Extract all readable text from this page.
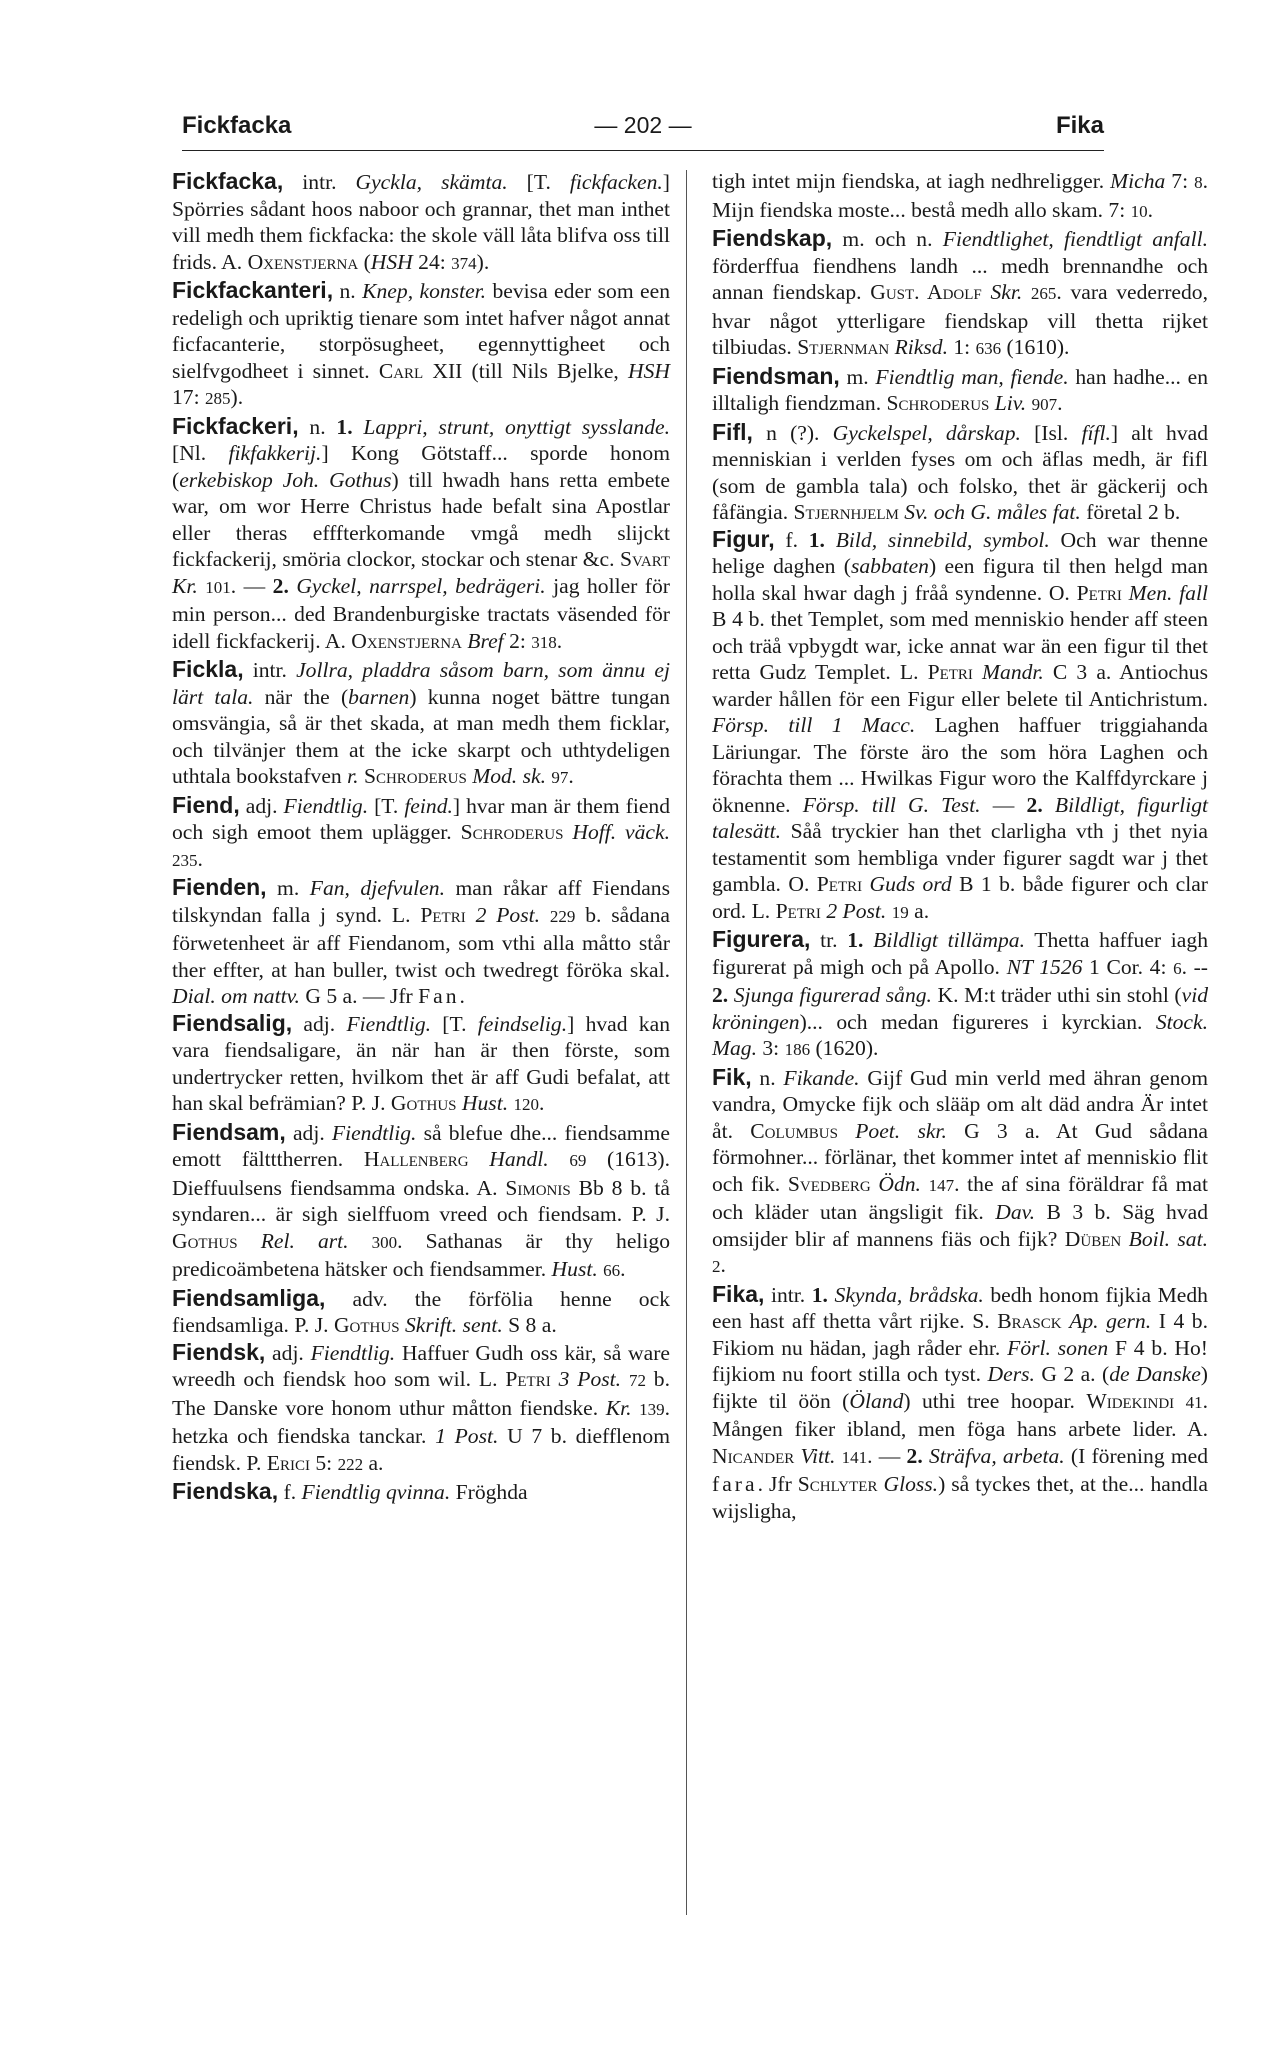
Fickfacka	— 202 —	Fika

Fickfacka, intr. Gyckla, skämta. [T. fickfacken.] Spörries sådant hoos naboor och grannar, thet man inthet vill medh them fickfacka: the skole väll låta blifva oss till frids. A. Oxenstjerna (HSH 24: 374).

Fickfackanteri, n. Knep, konster. bevisa eder som een redeligh och upriktig tienare som intet hafver något annat ficfacanterie, storpösugheet, egennyttigheet och sielfvgodheet i sinnet. Carl XII (till Nils Bjelke, HSH 17: 285).

Fickfackeri, n. 1. Lappri, strunt, onyttigt sysslande. [Nl. fikfakkerij.] Kong Götstaff... sporde honom (erkebiskop Joh. Gothus) till hwadh hans retta embete war, om wor Herre Christus hade befalt sina Apostlar eller theras efffterkomande vmgå medh slijckt fickfackerij, smöria clockor, stockar och stenar &c. Svart Kr. 101. — 2. Gyckel, narrspel, bedrägeri. jag holler för min person... ded Brandenburgiske tractats väsended för idell fickfackerij. A. Oxenstjerna Bref 2: 318.

Fickla, intr. Jollra, pladdra såsom barn, som ännu ej lärt tala. när the (barnen) kunna noget bättre tungan omsvängia, så är thet skada, at man medh them ficklar, och tilvänjer them at the icke skarpt och uthtydeligen uthtala bookstafven r. Schroderus Mod. sk. 97.

Fiend, adj. Fiendtlig. [T. feind.] hvar man är them fiend och sigh emoot them uplägger. Schroderus Hoff. väck. 235.

Fienden, m. Fan, djefvulen. man råkar aff Fiendans tilskyndan falla j synd. L. Petri 2 Post. 229 b. sådana förwetenheet är aff Fiendanom, som vthi alla måtto står ther effter, at han buller, twist och twedregt föröka skal. Dial. om nattv. G 5 a. — Jfr Fan.

Fiendsalig, adj. Fiendtlig. [T. feindselig.] hvad kan vara fiendsaligare, än när han är then förste, som undertrycker retten, hvilkom thet är aff Gudi befalat, att han skal befrämian? P. J. Gothus Hust. 120.

Fiendsam, adj. Fiendtlig. så blefue dhe... fiendsamme emott fältttherren. Hallenberg Handl. 69 (1613). Dieffuulsens fiendsamma ondska. A. Simonis Bb 8 b. tå syndaren... är sigh sielffuom vreed och fiendsam. P. J. Gothus Rel. art. 300. Sathanas är thy heligo predicoämbetena hätsker och fiendsammer. Hust. 66.

Fiendsamliga, adv. the förfölia henne ock fiendsamliga. P. J. Gothus Skrift. sent. S 8 a.

Fiendsk, adj. Fiendtlig. Haffuer Gudh oss kär, så ware wreedh och fiendsk hoo som wil. L. Petri 3 Post. 72 b. The Danske vore honom uthur måtton fiendske. Kr. 139. hetzka och fiendska tanckar. 1 Post. U 7 b. diefflenom fiendsk. P. Erici 5: 222 a.

Fiendska, f. Fiendtlig qvinna. Fröghda

tigh intet mijn fiendska, at iagh nedhreligger. Micha 7: 8. Mijn fiendska moste... bestå medh allo skam. 7: 10.

Fiendskap, m. och n. Fiendtlighet, fiendtligt anfall. förderffua fiendhens landh ... medh brennandhe och annan fiendskap. Gust. Adolf Skr. 265. vara vederredo, hvar något ytterligare fiendskap vill thetta rijket tilbiudas. Stjernman Riksd. 1: 636 (1610).

Fiendsman, m. Fiendtlig man, fiende. han hadhe... en illtaligh fiendzman. Schroderus Liv. 907.

Fifl, n (?). Gyckelspel, dårskap. [Isl. fífl.] alt hvad menniskian i verlden fyses om och äflas medh, är fifl (som de gambla tala) och folsko, thet är gäckerij och fåfängia. Stjernhjelm Sv. och G. måles fat. företal 2 b.

Figur, f. 1. Bild, sinnebild, symbol. Och war thenne helige daghen (sabbaten) een figura til then helgd man holla skal hwar dagh j fråå syndenne. O. Petri Men. fall B 4 b. thet Templet, som med menniskio hender aff steen och träå vpbygdt war, icke annat war än een figur til thet retta Gudz Templet. L. Petri Mandr. C 3 a. Antiochus warder hållen för een Figur eller belete til Antichristum. Försp. till 1 Macc. Laghen haffuer triggiahanda Läriungar. The förste äro the som höra Laghen och förachta them ... Hwilkas Figur woro the Kalffdyrckare j öknenne. Försp. till G. Test. — 2. Bildligt, figurligt talesätt. Såå tryckier han thet clarligha vth j thet nyia testamentit som hembliga vnder figurer sagdt war j thet gambla. O. Petri Guds ord B 1 b. både figurer och clar ord. L. Petri 2 Post. 19 a.

Figurera, tr. 1. Bildligt tillämpa. Thetta haffuer iagh figurerat på migh och på Apollo. NT 1526 1 Cor. 4: 6. -- 2. Sjunga figurerad sång. K. M:t träder uthi sin stohl (vid kröningen)... och medan figureres i kyrckian. Stock. Mag. 3: 186 (1620).

Fik, n. Fikande. Gijf Gud min verld med ähran genom vandra, Omycke fijk och slääp om alt däd andra Är intet åt. Columbus Poet. skr. G 3 a. At Gud sådana förmohner... förlänar, thet kommer intet af menniskio flit och fik. Svedberg Ödn. 147. the af sina föräldrar få mat och kläder utan ängsligit fik. Dav. B 3 b. Säg hvad omsijder blir af mannens fiäs och fijk? Düben Boil. sat. 2.

Fika, intr. 1. Skynda, brådska. bedh honom fijkia Medh een hast aff thetta vårt rijke. S. Brasck Ap. gern. I 4 b. Fikiom nu hädan, jagh råder ehr. Förl. sonen F 4 b. Ho! fijkiom nu foort stilla och tyst. Ders. G 2 a. (de Danske) fijkte til öön (Öland) uthi tree hoopar. Widekindi 41. Mången fiker ibland, men föga hans arbete lider. A. Nicander Vitt. 141. — 2. Sträfva, arbeta. (I förening med fara. Jfr Schlyter Gloss.) så tyckes thet, at the... handla wijsligha,
